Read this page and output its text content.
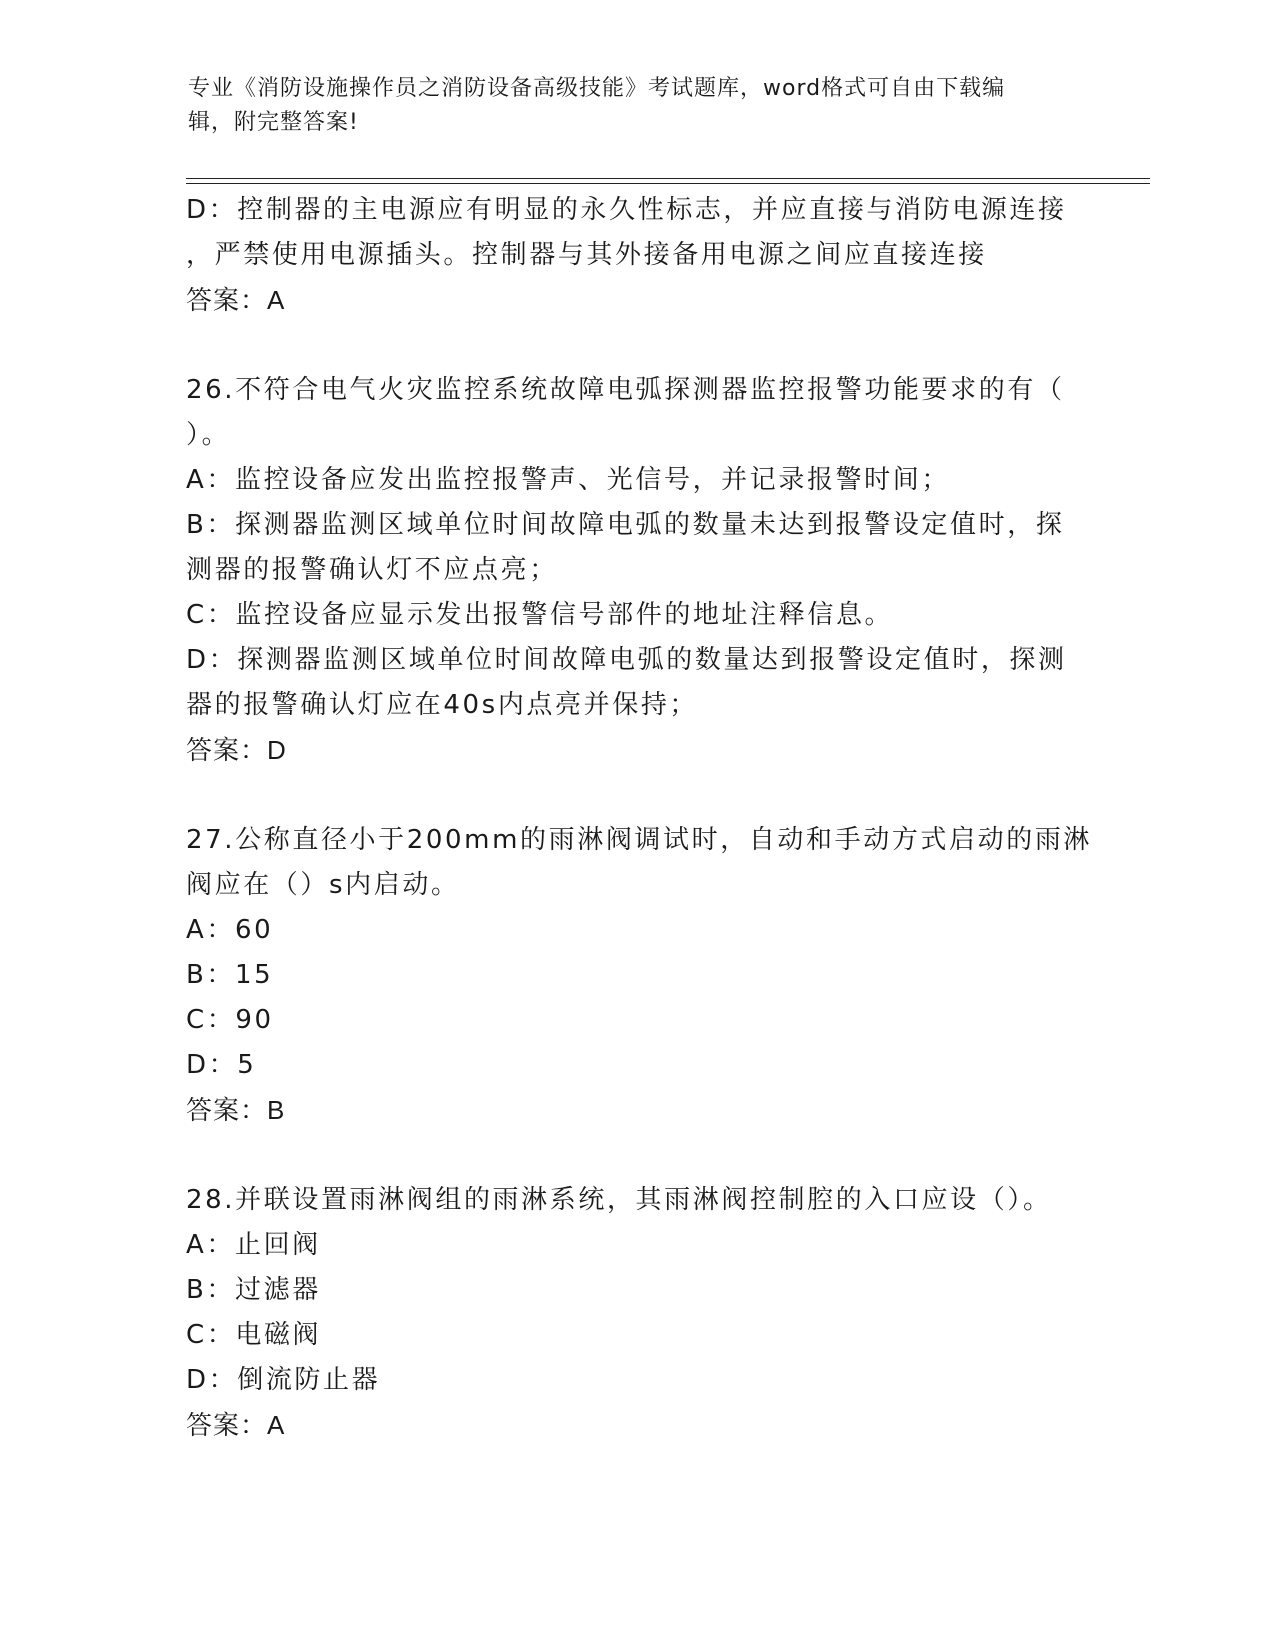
专业《消防设施操作员之消防设备高级技能》考试题库，word格式可自由下载编
辑，附完整答案!
D：控制器的主电源应有明显的永久性标志，并应直接与消防电源连接
，严禁使用电源插头。控制器与其外接备用电源之间应直接连接
答案：A
26.不符合电气火灾监控系统故障电弧探测器监控报警功能要求的有（
）。
A：监控设备应发出监控报警声、光信号，并记录报警时间；
B：探测器监测区域单位时间故障电弧的数量未达到报警设定值时，探
测器的报警确认灯不应点亮；
C：监控设备应显示发出报警信号部件的地址注释信息。
D：探测器监测区域单位时间故障电弧的数量达到报警设定值时，探测
器的报警确认灯应在40s内点亮并保持；
答案：D
27.公称直径小于200mm的雨淋阀调试时，自动和手动方式启动的雨淋
阀应在（）s内启动。
A：60
B：15
C：90
D：5
答案：B
28.并联设置雨淋阀组的雨淋系统，其雨淋阀控制腔的入口应设（）。
A：止回阀
B：过滤器
C：电磁阀
D：倒流防止器
答案：A
